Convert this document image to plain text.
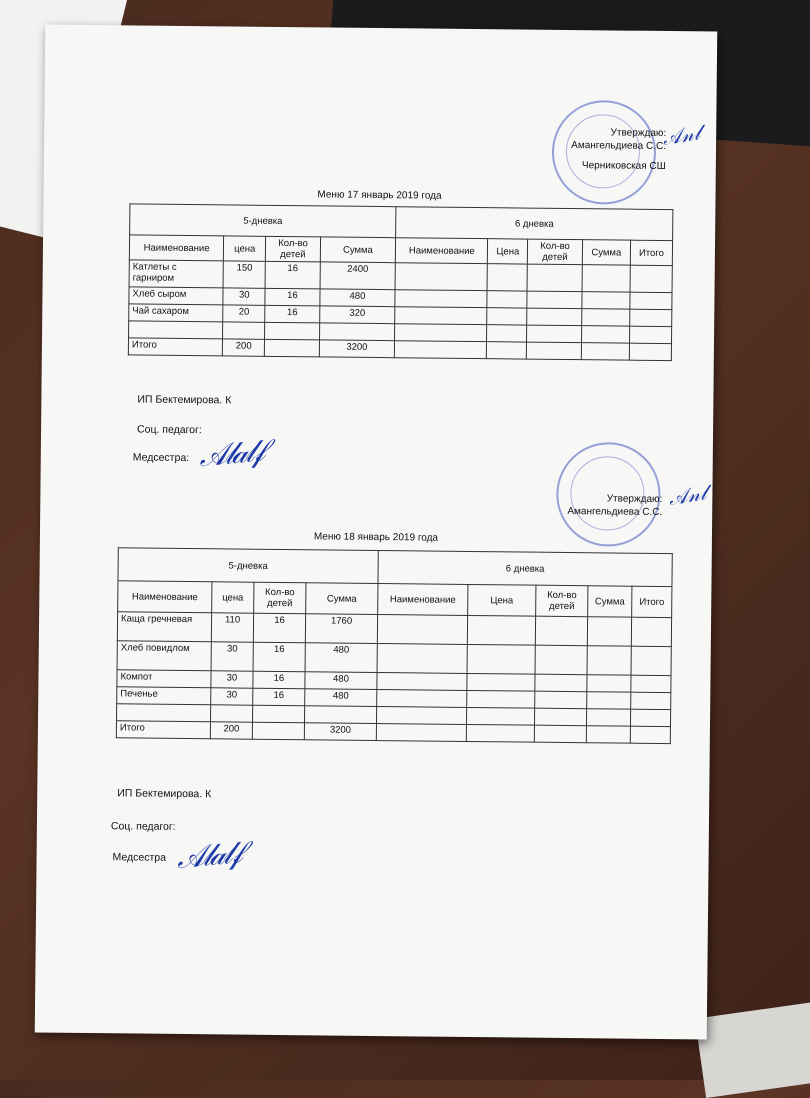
Утверждаю:
Амангельдиева С.С.
Черниковская СШ
𝒜𝓃𝓁
Меню 17 январь 2019 года
5-дневка				6 дневка				
Наименование	цена	Кол-во детей	Сумма	Наименование	Цена	Кол-во детей	Сумма	Итого
Катлеты с гарниром	150	16	2400					
Хлеб сыром	30	16	480					
Чай сахаром	20	16	320					

Итого	200		3200					
ИП Бектемирова. К
Соц. педагог:
Медсестра: 𝒜𝓁𝒶𝓁𝒻
Утверждаю:
Амангельдиева С.С.
𝒜𝓃𝓁
Меню 18 январь 2019 года
5-дневка				6 дневка				
Наименование	цена	Кол-во детей	Сумма	Наименование	Цена	Кол-во детей	Сумма	Итого
Каща гречневая	110	16	1760					
Хлеб повидлом	30	16	480					
Компот	30	16	480					
Печенье	30	16	480					

Итого	200		3200					
ИП Бектемирова. К
Соц. педагог:
Медсестра 𝒜𝓁𝒶𝓁𝒻
